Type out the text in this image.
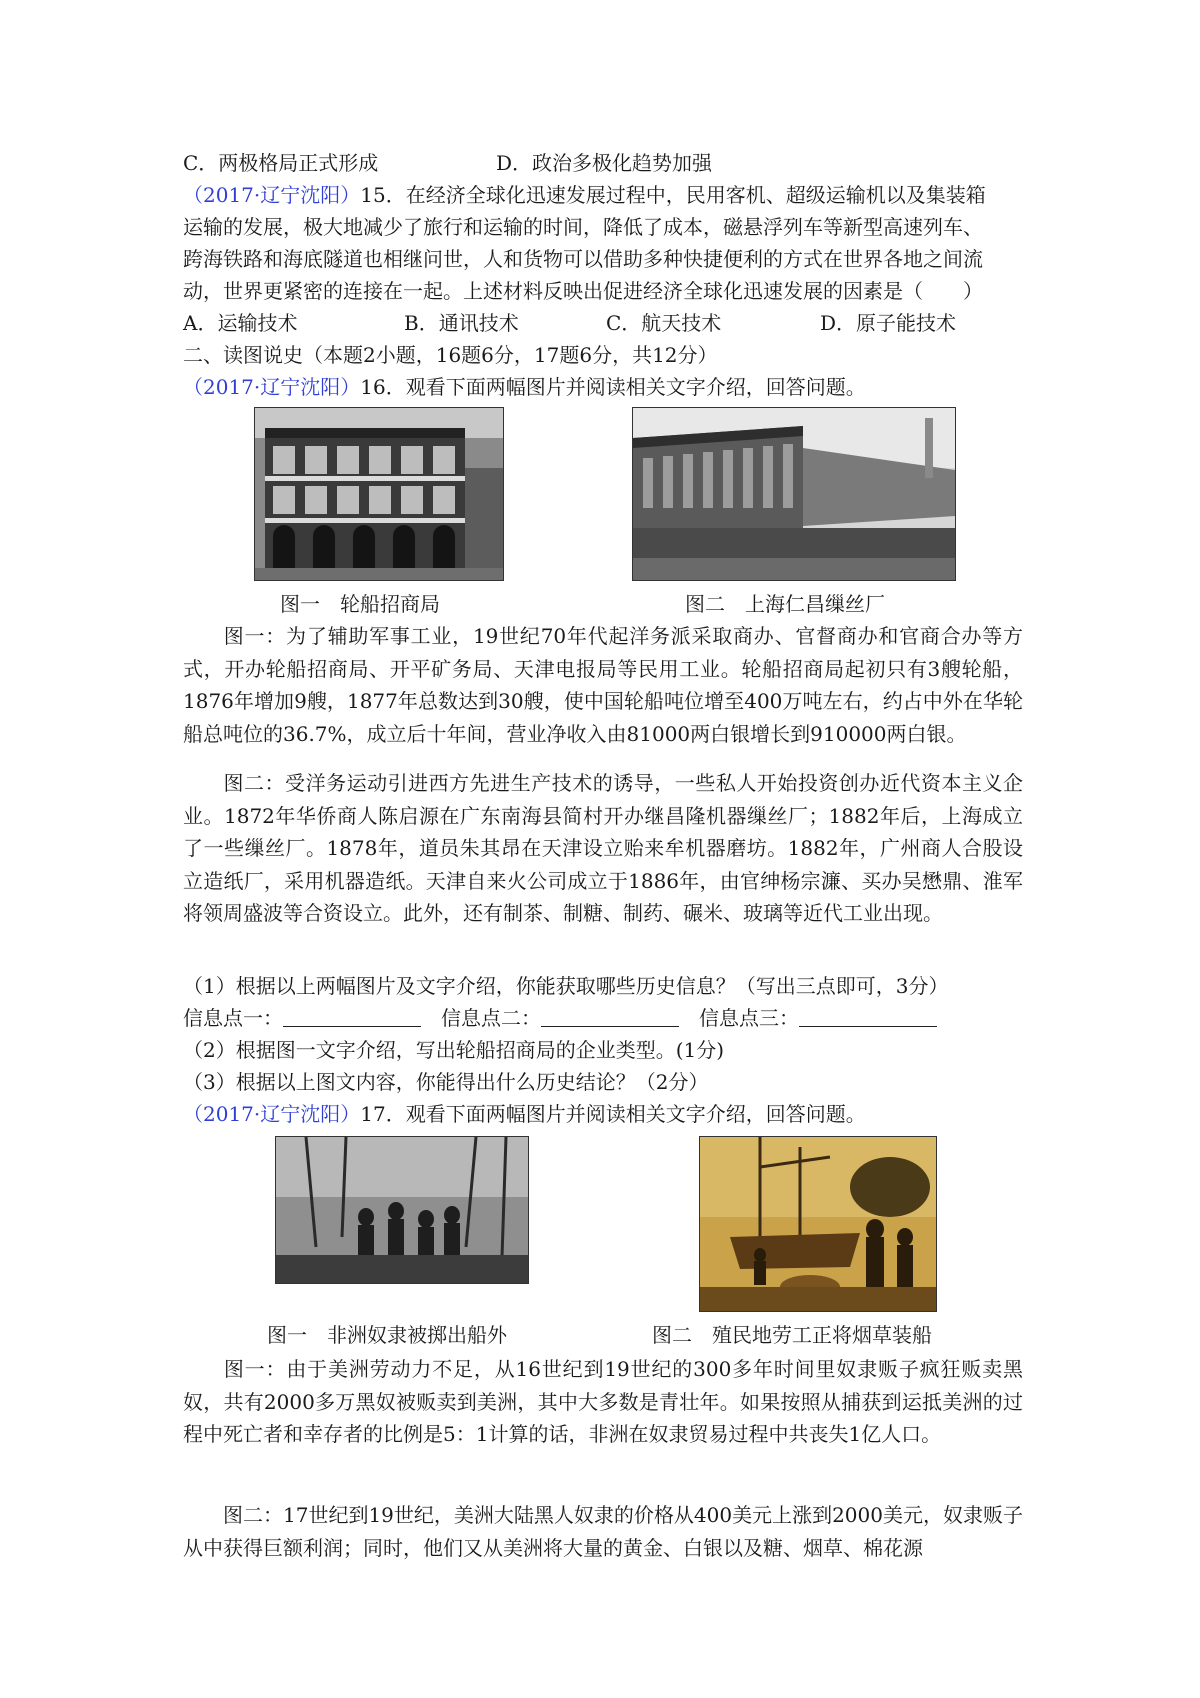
C．两极格局正式形成	D．政治多极化趋势加强
（2017·辽宁沈阳）15．在经济全球化迅速发展过程中，民用客机、超级运输机以及集装箱
运输的发展，极大地减少了旅行和运输的时间，降低了成本，磁悬浮列车等新型高速列车、
跨海铁路和海底隧道也相继问世，人和货物可以借助多种快捷便利的方式在世界各地之间流
动，世界更紧密的连接在一起。上述材料反映出促进经济全球化迅速发展的因素是（　　）
A．运输技术	B．通讯技术	C．航天技术	D．原子能技术
二、读图说史（本题2小题，16题6分，17题6分，共12分）
（2017·辽宁沈阳）16．观看下面两幅图片并阅读相关文字介绍，回答问题。
图一　轮船招商局	图二　上海仁昌缫丝厂
图一：为了辅助军事工业，19世纪70年代起洋务派采取商办、官督商办和官商合办等方式，开办轮船招商局、开平矿务局、天津电报局等民用工业。轮船招商局起初只有3艘轮船，1876年增加9艘，1877年总数达到30艘，使中国轮船吨位增至400万吨左右，约占中外在华轮船总吨位的36.7%，成立后十年间，营业净收入由81000两白银增长到910000两白银。
图二：受洋务运动引进西方先进生产技术的诱导，一些私人开始投资创办近代资本主义企业。1872年华侨商人陈启源在广东南海县简村开办继昌隆机器缫丝厂；1882年后，上海成立了一些缫丝厂。1878年，道员朱其昂在天津设立贻来牟机器磨坊。1882年，广州商人合股设立造纸厂，采用机器造纸。天津自来火公司成立于1886年，由官绅杨宗濂、买办吴懋鼎、淮军将领周盛波等合资设立。此外，还有制茶、制糖、制药、碾米、玻璃等近代工业出现。
（1）根据以上两幅图片及文字介绍，你能获取哪些历史信息？（写出三点即可，3分）
信息点一：	信息点二：	信息点三：
（2）根据图一文字介绍，写出轮船招商局的企业类型。(1分)
（3）根据以上图文内容，你能得出什么历史结论？（2分）
（2017·辽宁沈阳）17．观看下面两幅图片并阅读相关文字介绍，回答问题。
图一　非洲奴隶被掷出船外	图二　殖民地劳工正将烟草装船
图一：由于美洲劳动力不足，从16世纪到19世纪的300多年时间里奴隶贩子疯狂贩卖黑奴，共有2000多万黑奴被贩卖到美洲，其中大多数是青壮年。如果按照从捕获到运抵美洲的过程中死亡者和幸存者的比例是5：1计算的话，非洲在奴隶贸易过程中共丧失1亿人口。
图二：17世纪到19世纪，美洲大陆黑人奴隶的价格从400美元上涨到2000美元，奴隶贩子从中获得巨额利润；同时，他们又从美洲将大量的黄金、白银以及糖、烟草、棉花源
